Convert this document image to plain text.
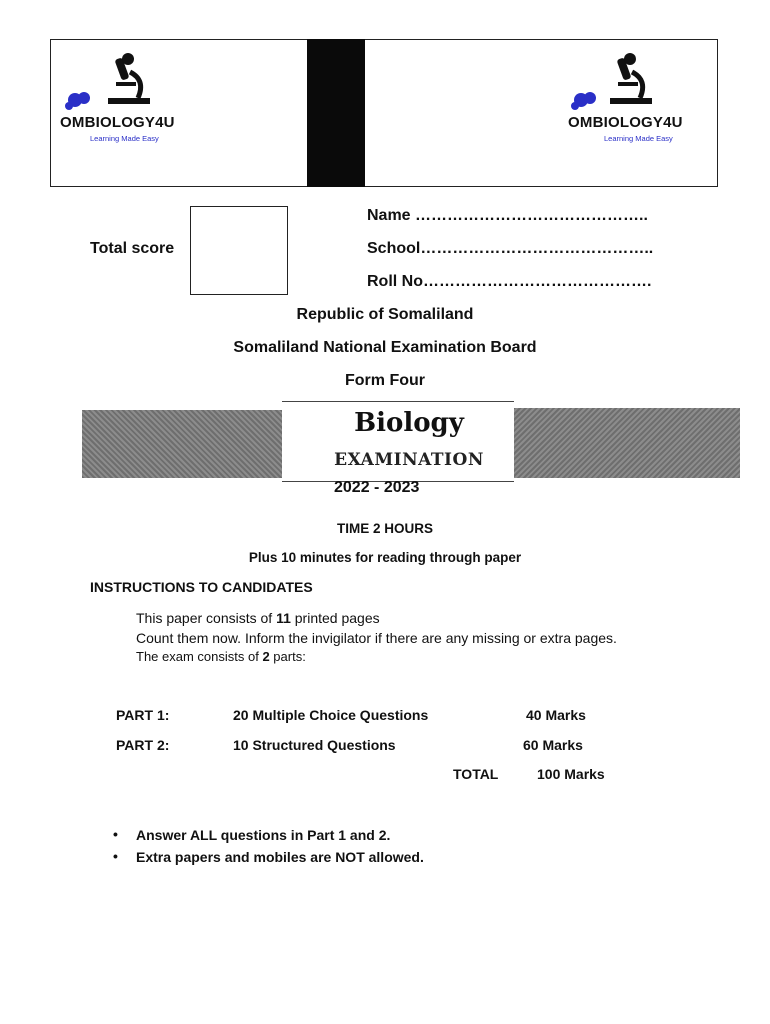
OMBIOLOGY4U
Learning Made Easy
OMBIOLOGY4U
Learning Made Easy
Total score
Name ……………………………………..
School……………………………………..
Roll No…………………………………….
Republic of Somaliland
Somaliland National Examination Board
Form Four
Biology
EXAMINATION
2022 - 2023
TIME 2 HOURS
Plus 10 minutes for reading through paper
INSTRUCTIONS TO CANDIDATES
This paper consists of 11 printed pages
Count them now. Inform the invigilator if there are any missing or extra pages.
The exam consists of 2 parts:
PART 1:	20 Multiple Choice Questions	40 Marks
PART 2:	10 Structured Questions	60 Marks
TOTAL	100 Marks
• Answer ALL questions in Part 1 and 2.
• Extra papers and mobiles are NOT allowed.
